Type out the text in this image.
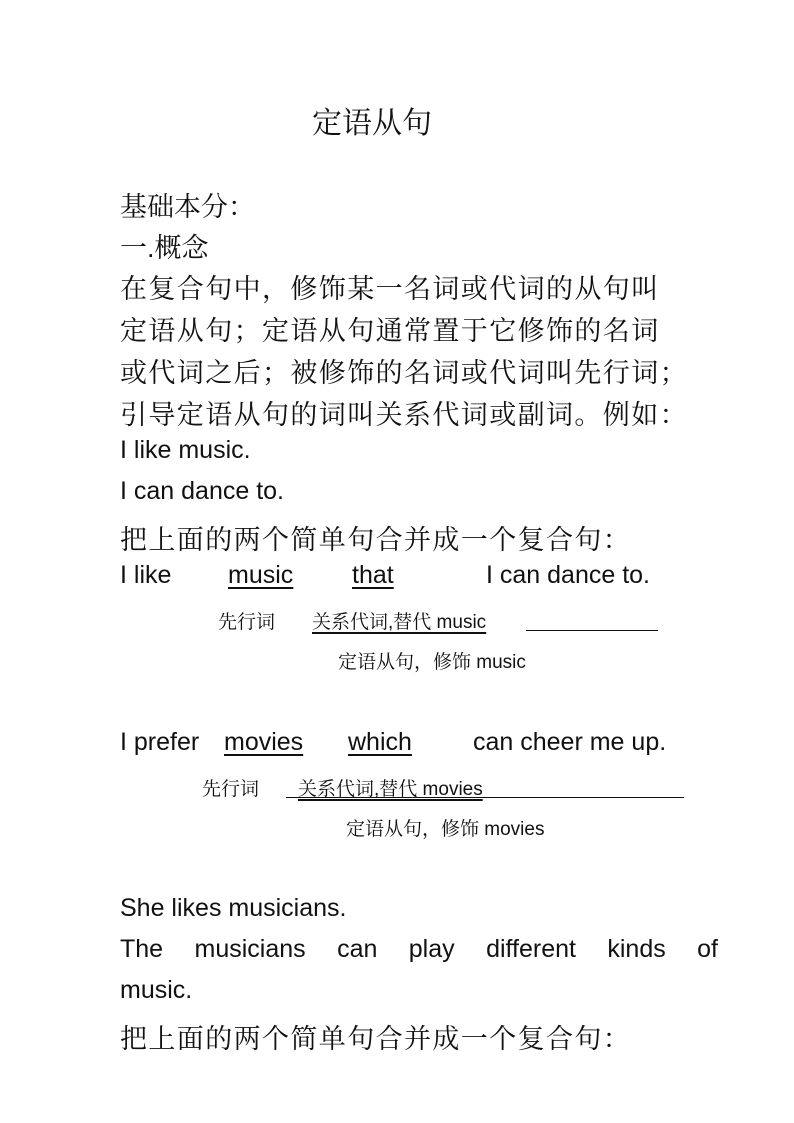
定语从句
基础本分：
一.概念
在复合句中，修饰某一名词或代词的从句叫
定语从句；定语从句通常置于它修饰的名词
或代词之后；被修饰的名词或代词叫先行词；
引导定语从句的词叫关系代词或副词。例如：
I like music.
I can dance to.
把上面的两个简单句合并成一个复合句：
I like music	that	I can dance to.
先行词 关系代词,替代 music
定语从句，修饰 music
I prefer movies	which can cheer me up.
先行词 关系代词,替代 movies
定语从句，修饰 movies
She likes musicians.
The musicians can play different kinds of
music.
把上面的两个简单句合并成一个复合句：
